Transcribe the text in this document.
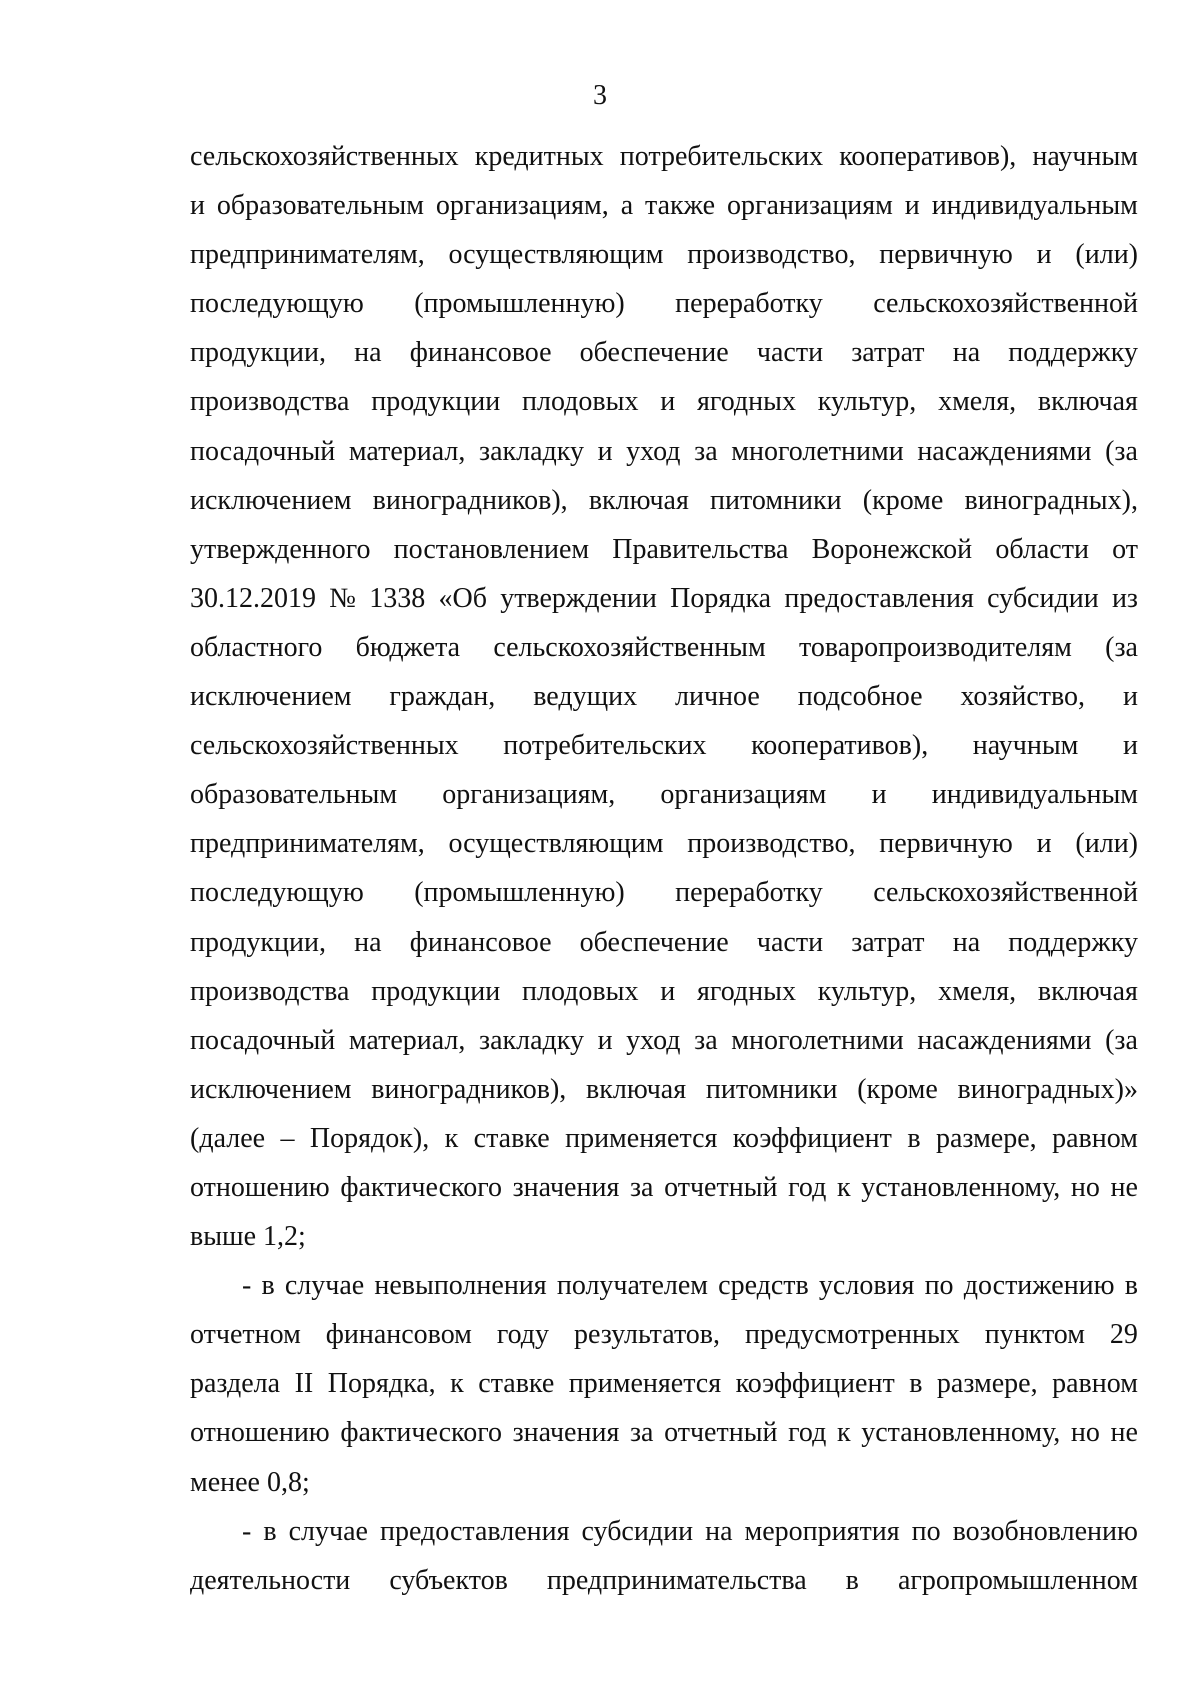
3
сельскохозяйственных кредитных потребительских кооперативов), научным
и образовательным организациям, а также организациям и индивидуальным
предпринимателям, осуществляющим производство, первичную и (или)
последующую (промышленную) переработку сельскохозяйственной
продукции, на финансовое обеспечение части затрат на поддержку
производства продукции плодовых и ягодных культур, хмеля, включая
посадочный материал, закладку и уход за многолетними насаждениями (за
исключением виноградников), включая питомники (кроме виноградных),
утвержденного постановлением Правительства Воронежской области от
30.12.2019 № 1338 «Об утверждении Порядка предоставления субсидии из
областного бюджета сельскохозяйственным товаропроизводителям (за
исключением граждан, ведущих личное подсобное хозяйство, и
сельскохозяйственных потребительских кооперативов), научным и
образовательным организациям, организациям и индивидуальным
предпринимателям, осуществляющим производство, первичную и (или)
последующую (промышленную) переработку сельскохозяйственной
продукции, на финансовое обеспечение части затрат на поддержку
производства продукции плодовых и ягодных культур, хмеля, включая
посадочный материал, закладку и уход за многолетними насаждениями (за
исключением виноградников), включая питомники (кроме виноградных)»
(далее – Порядок), к ставке применяется коэффициент в размере, равном
отношению фактического значения за отчетный год к установленному, но не
выше 1,2;
- в случае невыполнения получателем средств условия по достижению в
отчетном финансовом году результатов, предусмотренных пунктом 29
раздела II Порядка, к ставке применяется коэффициент в размере, равном
отношению фактического значения за отчетный год к установленному, но не
менее 0,8;
- в случае предоставления субсидии на мероприятия по возобновлению
деятельности субъектов предпринимательства в агропромышленном
